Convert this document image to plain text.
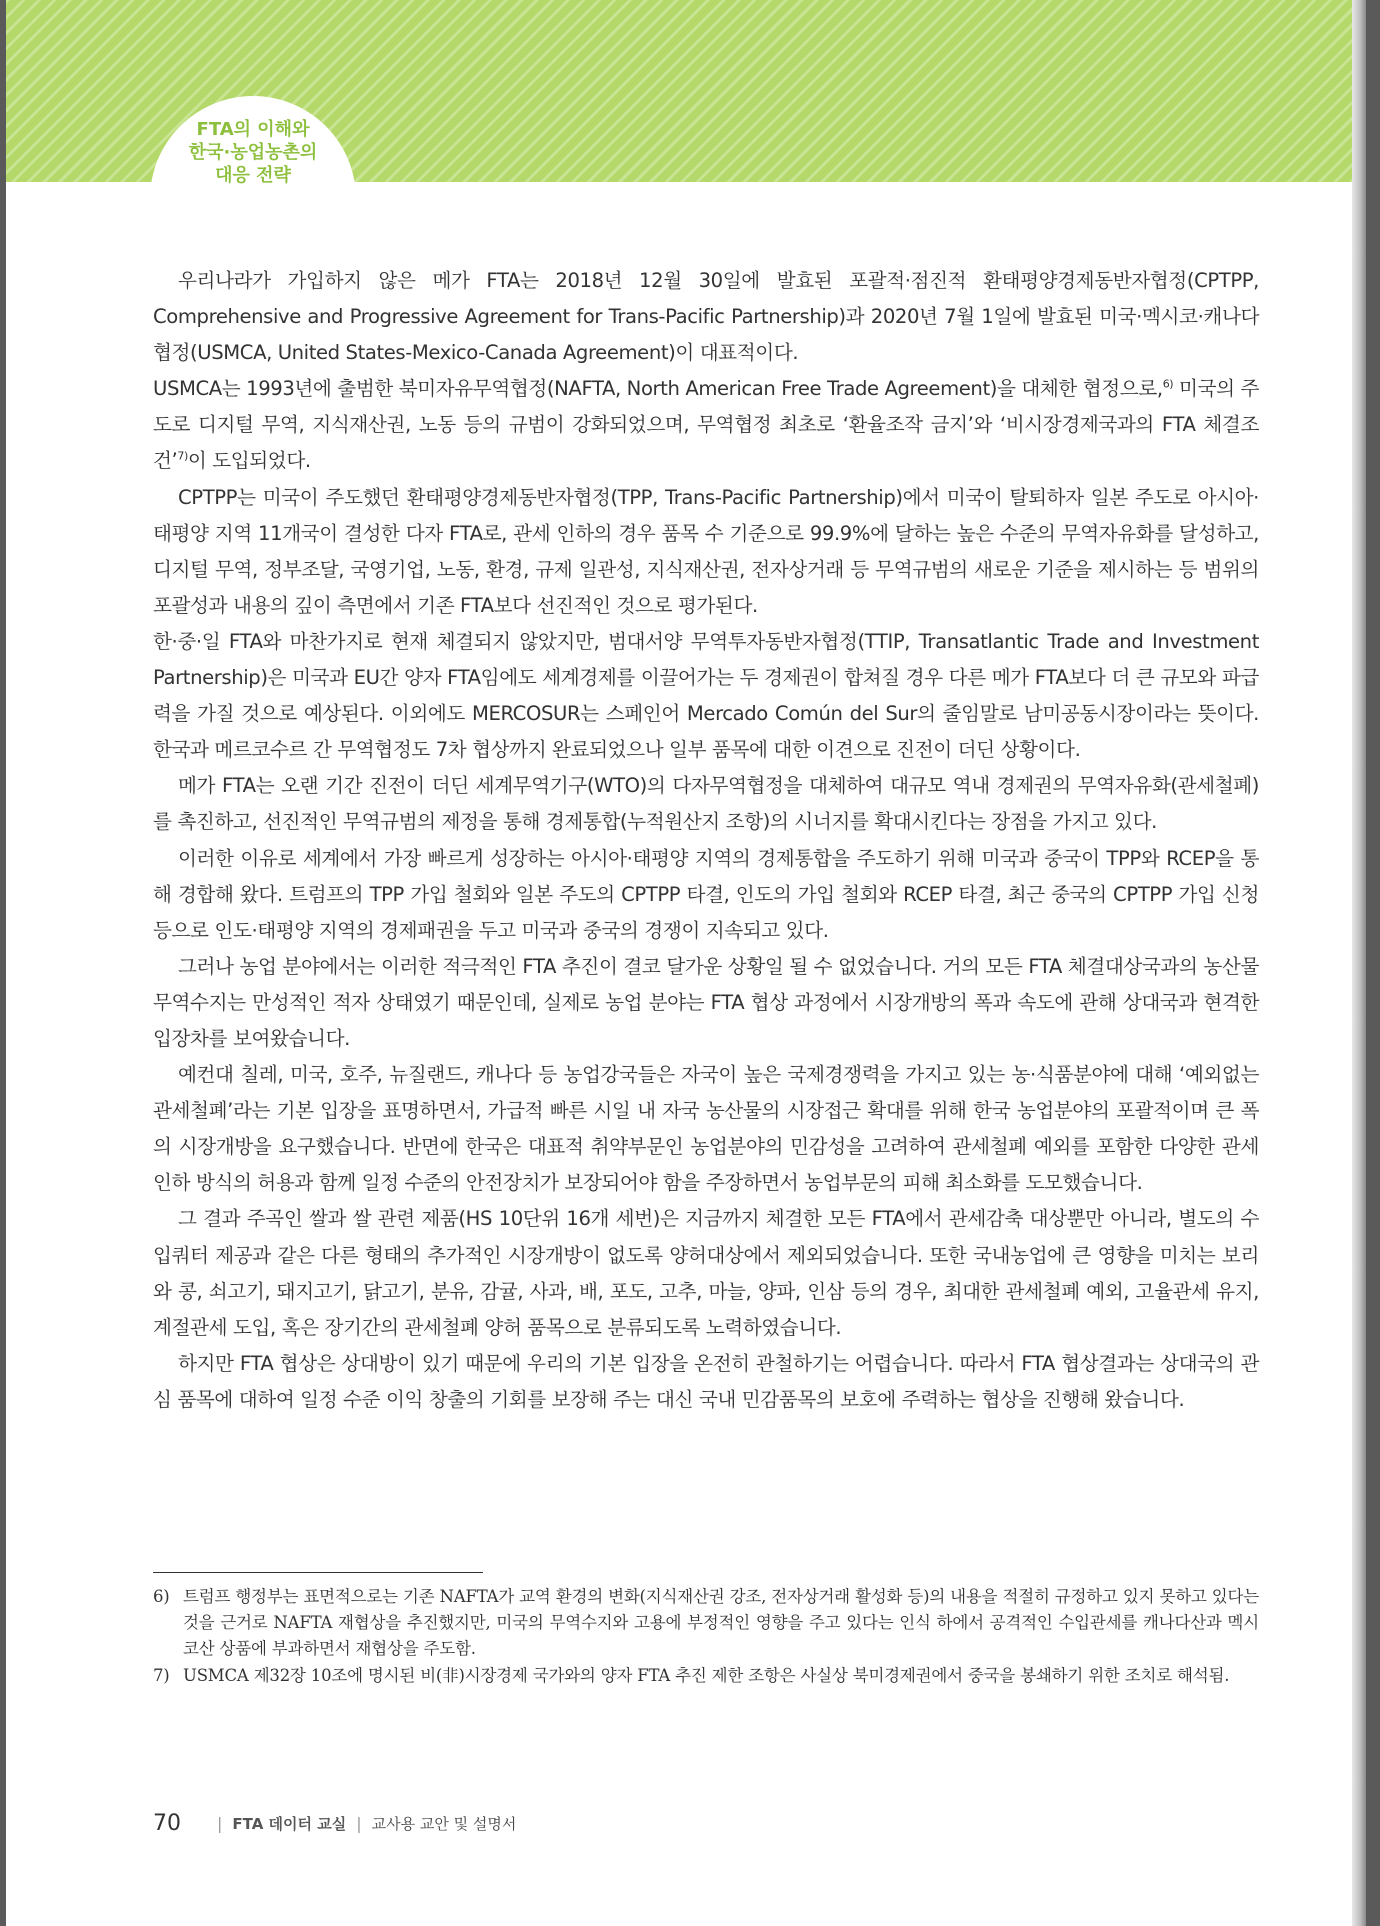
FTA의 이해와
한국·농업농촌의
대응 전략

우리나라가 가입하지 않은 메가 FTA는 2018년 12월 30일에 발효된 포괄적·점진적 환태평양경제동반자협정(CPTPP, Comprehensive and Progressive Agreement for Trans-Pacific Partnership)과 2020년 7월 1일에 발효된 미국·멕시코·캐나다협정(USMCA, United States-Mexico-Canada Agreement)이 대표적이다.

USMCA는 1993년에 출범한 북미자유무역협정(NAFTA, North American Free Trade Agreement)을 대체한 협정으로,$^{6)}$ 미국의 주도로 디지털 무역, 지식재산권, 노동 등의 규범이 강화되었으며, 무역협정 최초로 ‘환율조작 금지’와 ‘비시장경제국과의 FTA 체결조건’$^{7)}$이 도입되었다.

CPTPP는 미국이 주도했던 환태평양경제동반자협정(TPP, Trans-Pacific Partnership)에서 미국이 탈퇴하자 일본 주도로 아시아·태평양 지역 11개국이 결성한 다자 FTA로, 관세 인하의 경우 품목 수 기준으로 99.9%에 달하는 높은 수준의 무역자유화를 달성하고, 디지털 무역, 정부조달, 국영기업, 노동, 환경, 규제 일관성, 지식재산권, 전자상거래 등 무역규범의 새로운 기준을 제시하는 등 범위의 포괄성과 내용의 깊이 측면에서 기존 FTA보다 선진적인 것으로 평가된다.

한·중·일 FTA와 마찬가지로 현재 체결되지 않았지만, 범대서양 무역투자동반자협정(TTIP, Transatlantic Trade and Investment Partnership)은 미국과 EU간 양자 FTA임에도 세계경제를 이끌어가는 두 경제권이 합쳐질 경우 다른 메가 FTA보다 더 큰 규모와 파급력을 가질 것으로 예상된다. 이외에도 MERCOSUR는 스페인어 Mercado Común del Sur의 줄임말로 남미공동시장이라는 뜻이다. 한국과 메르코수르 간 무역협정도 7차 협상까지 완료되었으나 일부 품목에 대한 이견으로 진전이 더딘 상황이다.

메가 FTA는 오랜 기간 진전이 더딘 세계무역기구(WTO)의 다자무역협정을 대체하여 대규모 역내 경제권의 무역자유화(관세철폐)를 촉진하고, 선진적인 무역규범의 제정을 통해 경제통합(누적원산지 조항)의 시너지를 확대시킨다는 장점을 가지고 있다.

이러한 이유로 세계에서 가장 빠르게 성장하는 아시아·태평양 지역의 경제통합을 주도하기 위해 미국과 중국이 TPP와 RCEP을 통해 경합해 왔다. 트럼프의 TPP 가입 철회와 일본 주도의 CPTPP 타결, 인도의 가입 철회와 RCEP 타결, 최근 중국의 CPTPP 가입 신청 등으로 인도·태평양 지역의 경제패권을 두고 미국과 중국의 경쟁이 지속되고 있다.

그러나 농업 분야에서는 이러한 적극적인 FTA 추진이 결코 달가운 상황일 될 수 없었습니다. 거의 모든 FTA 체결대상국과의 농산물 무역수지는 만성적인 적자 상태였기 때문인데, 실제로 농업 분야는 FTA 협상 과정에서 시장개방의 폭과 속도에 관해 상대국과 현격한 입장차를 보여왔습니다.

예컨대 칠레, 미국, 호주, 뉴질랜드, 캐나다 등 농업강국들은 자국이 높은 국제경쟁력을 가지고 있는 농·식품분야에 대해 ‘예외없는 관세철폐’라는 기본 입장을 표명하면서, 가급적 빠른 시일 내 자국 농산물의 시장접근 확대를 위해 한국 농업분야의 포괄적이며 큰 폭의 시장개방을 요구했습니다. 반면에 한국은 대표적 취약부문인 농업분야의 민감성을 고려하여 관세철폐 예외를 포함한 다양한 관세인하 방식의 허용과 함께 일정 수준의 안전장치가 보장되어야 함을 주장하면서 농업부문의 피해 최소화를 도모했습니다.

그 결과 주곡인 쌀과 쌀 관련 제품(HS 10단위 16개 세번)은 지금까지 체결한 모든 FTA에서 관세감축 대상뿐만 아니라, 별도의 수입쿼터 제공과 같은 다른 형태의 추가적인 시장개방이 없도록 양허대상에서 제외되었습니다. 또한 국내농업에 큰 영향을 미치는 보리와 콩, 쇠고기, 돼지고기, 닭고기, 분유, 감귤, 사과, 배, 포도, 고추, 마늘, 양파, 인삼 등의 경우, 최대한 관세철폐 예외, 고율관세 유지, 계절관세 도입, 혹은 장기간의 관세철폐 양허 품목으로 분류되도록 노력하였습니다.

하지만 FTA 협상은 상대방이 있기 때문에 우리의 기본 입장을 온전히 관철하기는 어렵습니다. 따라서 FTA 협상결과는 상대국의 관심 품목에 대하여 일정 수준 이익 창출의 기회를 보장해 주는 대신 국내 민감품목의 보호에 주력하는 협상을 진행해 왔습니다.

6) 트럼프 행정부는 표면적으로는 기존 NAFTA가 교역 환경의 변화(지식재산권 강조, 전자상거래 활성화 등)의 내용을 적절히 규정하고 있지 못하고 있다는 것을 근거로 NAFTA 재협상을 추진했지만, 미국의 무역수지와 고용에 부정적인 영향을 주고 있다는 인식 하에서 공격적인 수입관세를 캐나다산과 멕시코산 상품에 부과하면서 재협상을 주도함.
7) USMCA 제32장 10조에 명시된 비(非)시장경제 국가와의 양자 FTA 추진 제한 조항은 사실상 북미경제권에서 중국을 봉쇄하기 위한 조치로 해석됨.
70 | FTA 데이터 교실 | 교사용 교안 및 설명서
